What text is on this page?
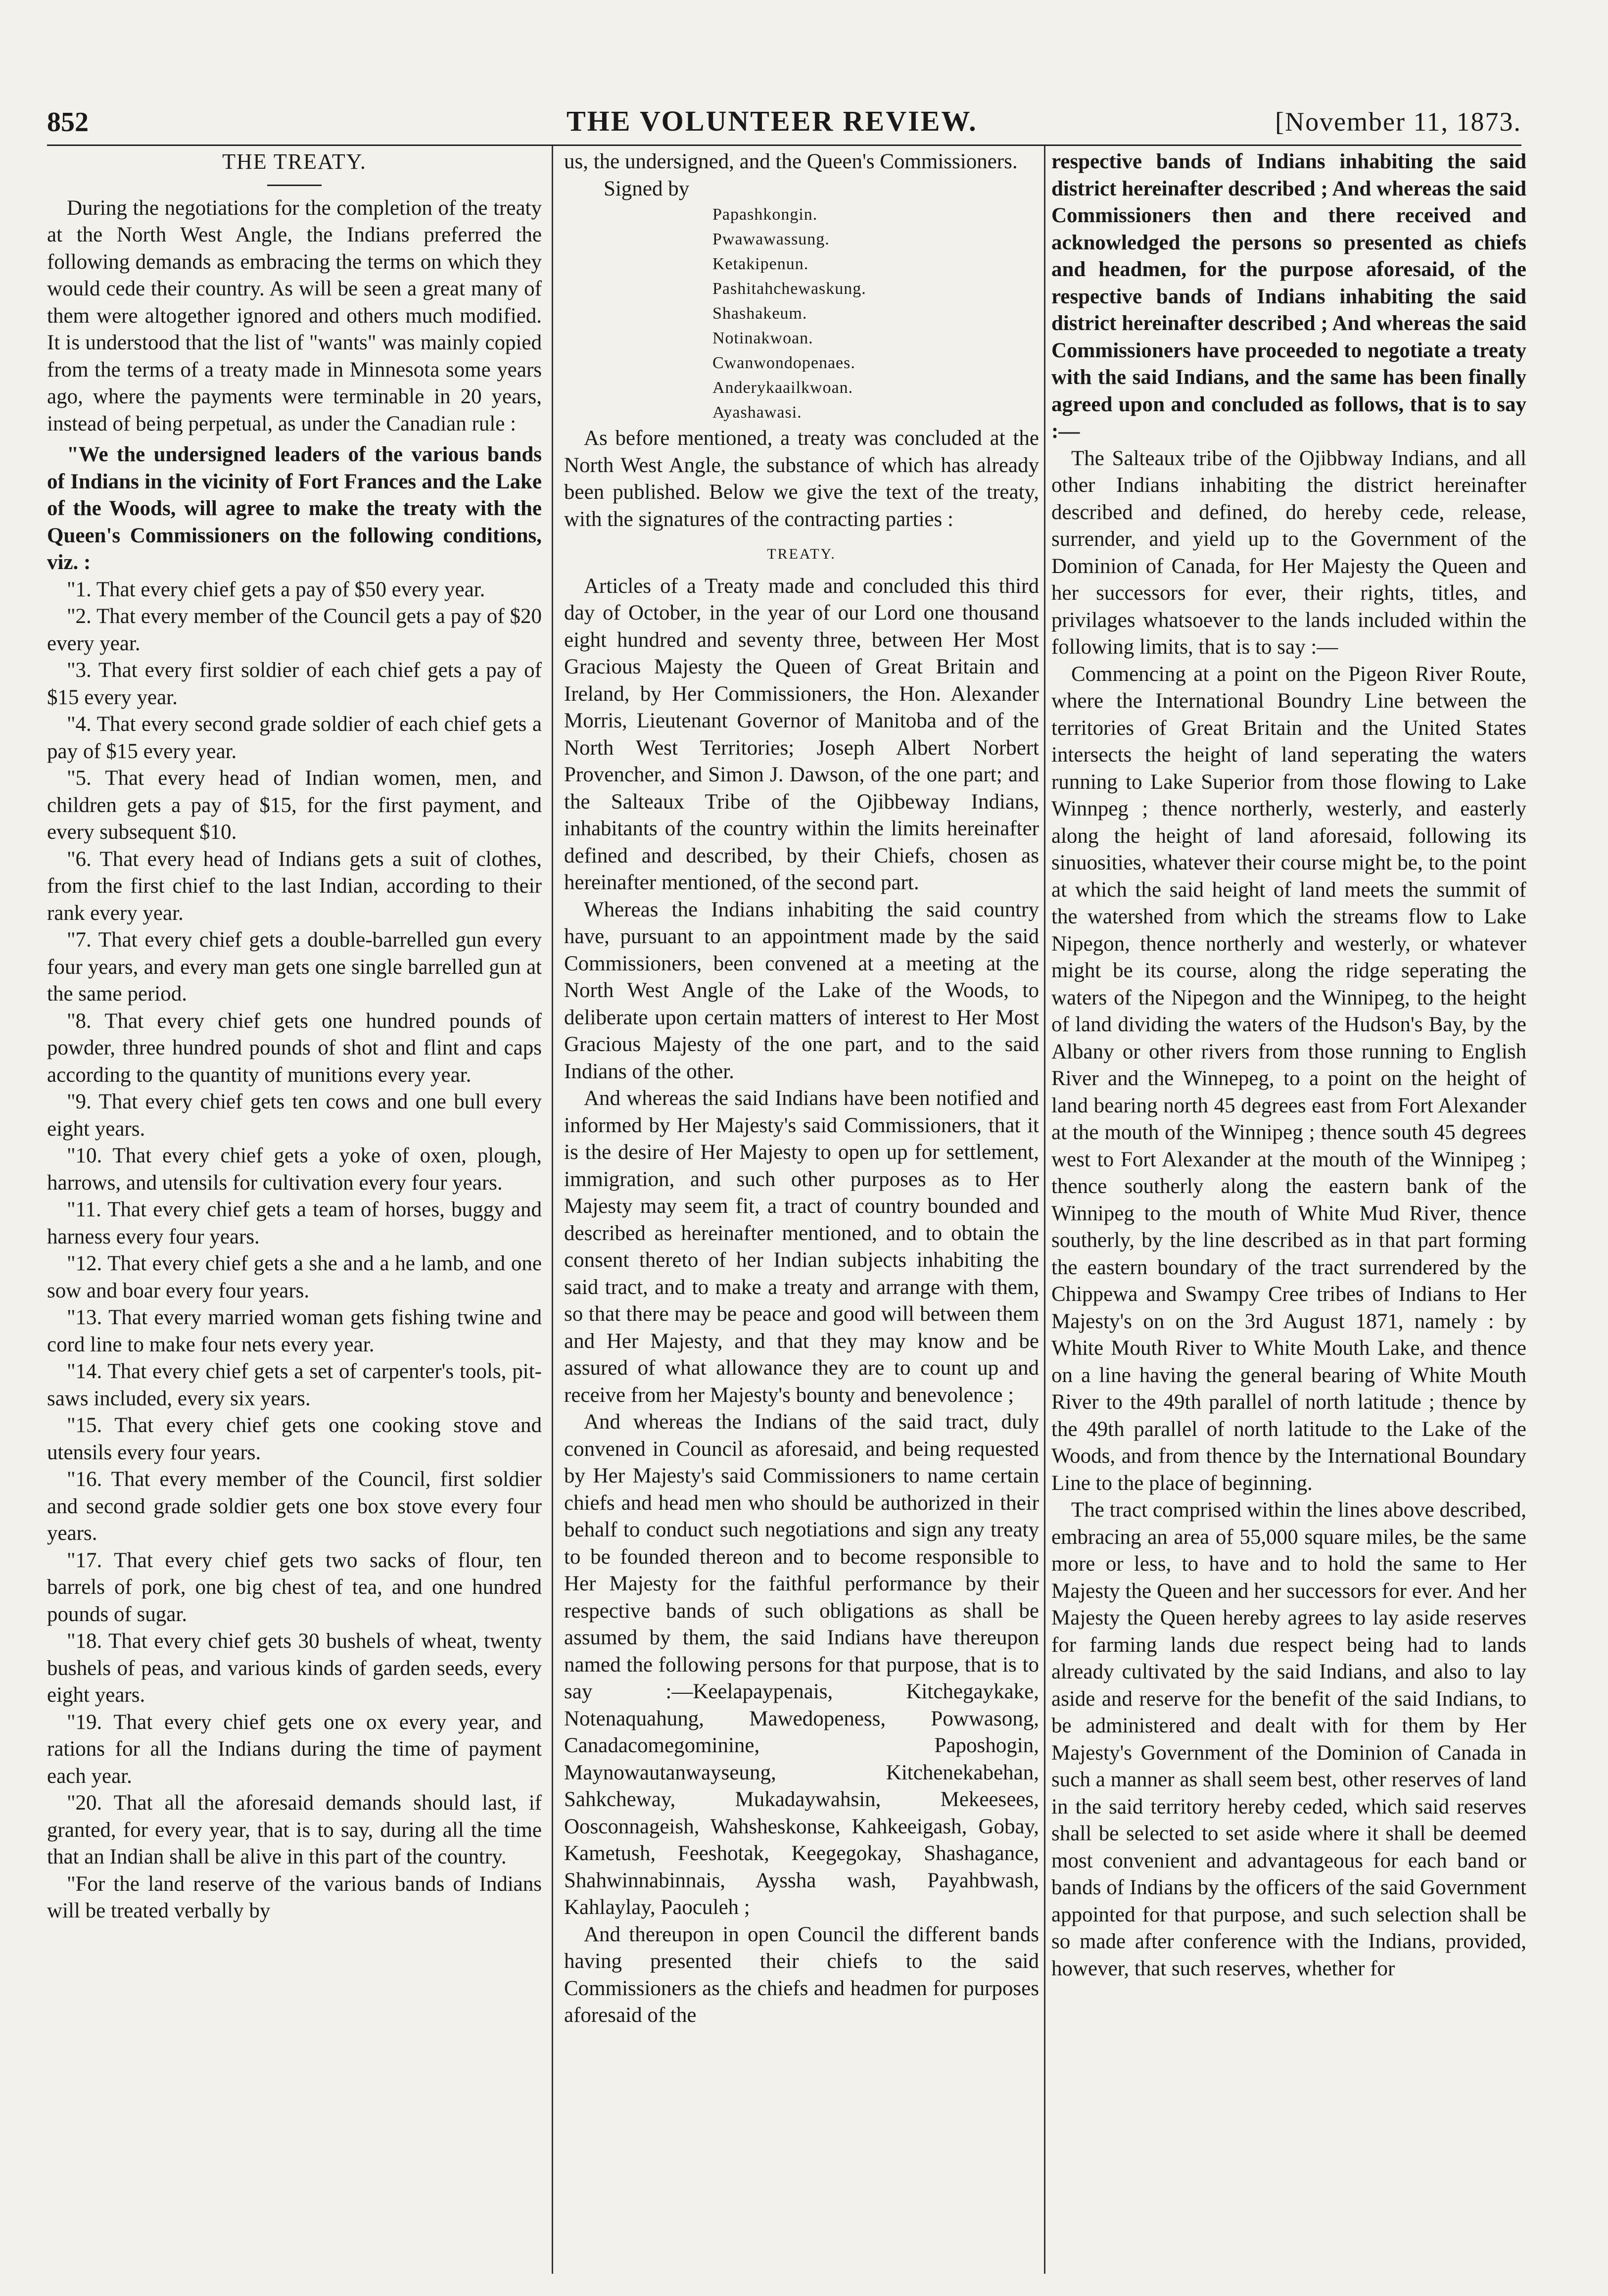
852	THE VOLUNTEER REVIEW.	[November 11, 1873.

THE TREATY.

During the negotiations for the completion of the treaty at the North West Angle, the Indians preferred the following demands as embracing the terms on which they would cede their country. As will be seen a great many of them were altogether ignored and others much modified. It is understood that the list of "wants" was mainly copied from the terms of a treaty made in Minnesota some years ago, where the payments were terminable in 20 years, instead of being perpetual, as under the Canadian rule :

"We the undersigned leaders of the various bands of Indians in the vicinity of Fort Frances and the Lake of the Woods, will agree to make the treaty with the Queen's Commissioners on the following conditions, viz. :

"1. That every chief gets a pay of $50 every year.

"2. That every member of the Council gets a pay of $20 every year.

"3. That every first soldier of each chief gets a pay of $15 every year.

"4. That every second grade soldier of each chief gets a pay of $15 every year.

"5. That every head of Indian women, men, and children gets a pay of $15, for the first payment, and every subsequent $10.

"6. That every head of Indians gets a suit of clothes, from the first chief to the last Indian, according to their rank every year.

"7. That every chief gets a double-barrelled gun every four years, and every man gets one single barrelled gun at the same period.

"8. That every chief gets one hundred pounds of powder, three hundred pounds of shot and flint and caps according to the quantity of munitions every year.

"9. That every chief gets ten cows and one bull every eight years.

"10. That every chief gets a yoke of oxen, plough, harrows, and utensils for cultivation every four years.

"11. That every chief gets a team of horses, buggy and harness every four years.

"12. That every chief gets a she and a he lamb, and one sow and boar every four years.

"13. That every married woman gets fishing twine and cord line to make four nets every year.

"14. That every chief gets a set of carpenter's tools, pit-saws included, every six years.

"15. That every chief gets one cooking stove and utensils every four years.

"16. That every member of the Council, first soldier and second grade soldier gets one box stove every four years.

"17. That every chief gets two sacks of flour, ten barrels of pork, one big chest of tea, and one hundred pounds of sugar.

"18. That every chief gets 30 bushels of wheat, twenty bushels of peas, and various kinds of garden seeds, every eight years.

"19. That every chief gets one ox every year, and rations for all the Indians during the time of payment each year.

"20. That all the aforesaid demands should last, if granted, for every year, that is to say, during all the time that an Indian shall be alive in this part of the country.

"For the land reserve of the various bands of Indians will be treated verbally by

us, the undersigned, and the Queen's Commissioners.

Signed by

Papashkongin.

Pwawawassung.

Ketakipenun.

Pashitahchewaskung.

Shashakeum.

Notinakwoan.

Cwanwondopenaes.

Anderykaailkwoan.

Ayashawasi.

As before mentioned, a treaty was concluded at the North West Angle, the substance of which has already been published. Below we give the text of the treaty, with the signatures of the contracting parties :

TREATY.

Articles of a Treaty made and concluded this third day of October, in the year of our Lord one thousand eight hundred and seventy three, between Her Most Gracious Majesty the Queen of Great Britain and Ireland, by Her Commissioners, the Hon. Alexander Morris, Lieutenant Governor of Manitoba and of the North West Territories; Joseph Albert Norbert Provencher, and Simon J. Dawson, of the one part; and the Salteaux Tribe of the Ojibbeway Indians, inhabitants of the country within the limits hereinafter defined and described, by their Chiefs, chosen as hereinafter mentioned, of the second part.

Whereas the Indians inhabiting the said country have, pursuant to an appointment made by the said Commissioners, been convened at a meeting at the North West Angle of the Lake of the Woods, to deliberate upon certain matters of interest to Her Most Gracious Majesty of the one part, and to the said Indians of the other.

And whereas the said Indians have been notified and informed by Her Majesty's said Commissioners, that it is the desire of Her Majesty to open up for settlement, immigration, and such other purposes as to Her Majesty may seem fit, a tract of country bounded and described as hereinafter mentioned, and to obtain the consent thereto of her Indian subjects inhabiting the said tract, and to make a treaty and arrange with them, so that there may be peace and good will between them and Her Majesty, and that they may know and be assured of what allowance they are to count up and receive from her Majesty's bounty and benevolence ;

And whereas the Indians of the said tract, duly convened in Council as aforesaid, and being requested by Her Majesty's said Commissioners to name certain chiefs and head men who should be authorized in their behalf to conduct such negotiations and sign any treaty to be founded thereon and to become responsible to Her Majesty for the faithful performance by their respective bands of such obligations as shall be assumed by them, the said Indians have thereupon named the following persons for that purpose, that is to say :—Keelapaypenais, Kitchegaykake, Notenaquahung, Mawedopeness, Powwasong, Canadacomegominine, Paposhogin, Maynowautanwayseung, Kitchenekabehan, Sahkcheway, Mukadaywahsin, Mekeesees, Oosconnageish, Wahsheskonse, Kahkeeigash, Gobay, Kametush, Feeshotak, Keegegokay, Shashagance, Shahwinnabinnais, Ayssha wash, Payahbwash, Kahlaylay, Paoculeh ;

And thereupon in open Council the different bands having presented their chiefs to the said Commissioners as the chiefs and headmen for purposes aforesaid of the

respective bands of Indians inhabiting the said district hereinafter described ; And whereas the said Commissioners then and there received and acknowledged the persons so presented as chiefs and headmen, for the purpose aforesaid, of the respective bands of Indians inhabiting the said district hereinafter described ; And whereas the said Commissioners have proceeded to negotiate a treaty with the said Indians, and the same has been finally agreed upon and concluded as follows, that is to say :—

The Salteaux tribe of the Ojibbway Indians, and all other Indians inhabiting the district hereinafter described and defined, do hereby cede, release, surrender, and yield up to the Government of the Dominion of Canada, for Her Majesty the Queen and her successors for ever, their rights, titles, and privilages whatsoever to the lands included within the following limits, that is to say :—

Commencing at a point on the Pigeon River Route, where the International Boundry Line between the territories of Great Britain and the United States intersects the height of land seperating the waters running to Lake Superior from those flowing to Lake Winnpeg ; thence northerly, westerly, and easterly along the height of land aforesaid, following its sinuosities, whatever their course might be, to the point at which the said height of land meets the summit of the watershed from which the streams flow to Lake Nipegon, thence northerly and westerly, or whatever might be its course, along the ridge seperating the waters of the Nipegon and the Winnipeg, to the height of land dividing the waters of the Hudson's Bay, by the Albany or other rivers from those running to English River and the Winnepeg, to a point on the height of land bearing north 45 degrees east from Fort Alexander at the mouth of the Winnipeg ; thence south 45 degrees west to Fort Alexander at the mouth of the Winnipeg ; thence southerly along the eastern bank of the Winnipeg to the mouth of White Mud River, thence southerly, by the line described as in that part forming the eastern boundary of the tract surrendered by the Chippewa and Swampy Cree tribes of Indians to Her Majesty's on on the 3rd August 1871, namely : by White Mouth River to White Mouth Lake, and thence on a line having the general bearing of White Mouth River to the 49th parallel of north latitude ; thence by the 49th parallel of north latitude to the Lake of the Woods, and from thence by the International Boundary Line to the place of beginning.

The tract comprised within the lines above described, embracing an area of 55,000 square miles, be the same more or less, to have and to hold the same to Her Majesty the Queen and her successors for ever. And her Majesty the Queen hereby agrees to lay aside reserves for farming lands due respect being had to lands already cultivated by the said Indians, and also to lay aside and reserve for the benefit of the said Indians, to be administered and dealt with for them by Her Majesty's Government of the Dominion of Canada in such a manner as shall seem best, other reserves of land in the said territory hereby ceded, which said reserves shall be selected to set aside where it shall be deemed most convenient and advantageous for each band or bands of Indians by the officers of the said Government appointed for that purpose, and such selection shall be so made after conference with the Indians, provided, however, that such reserves, whether for
